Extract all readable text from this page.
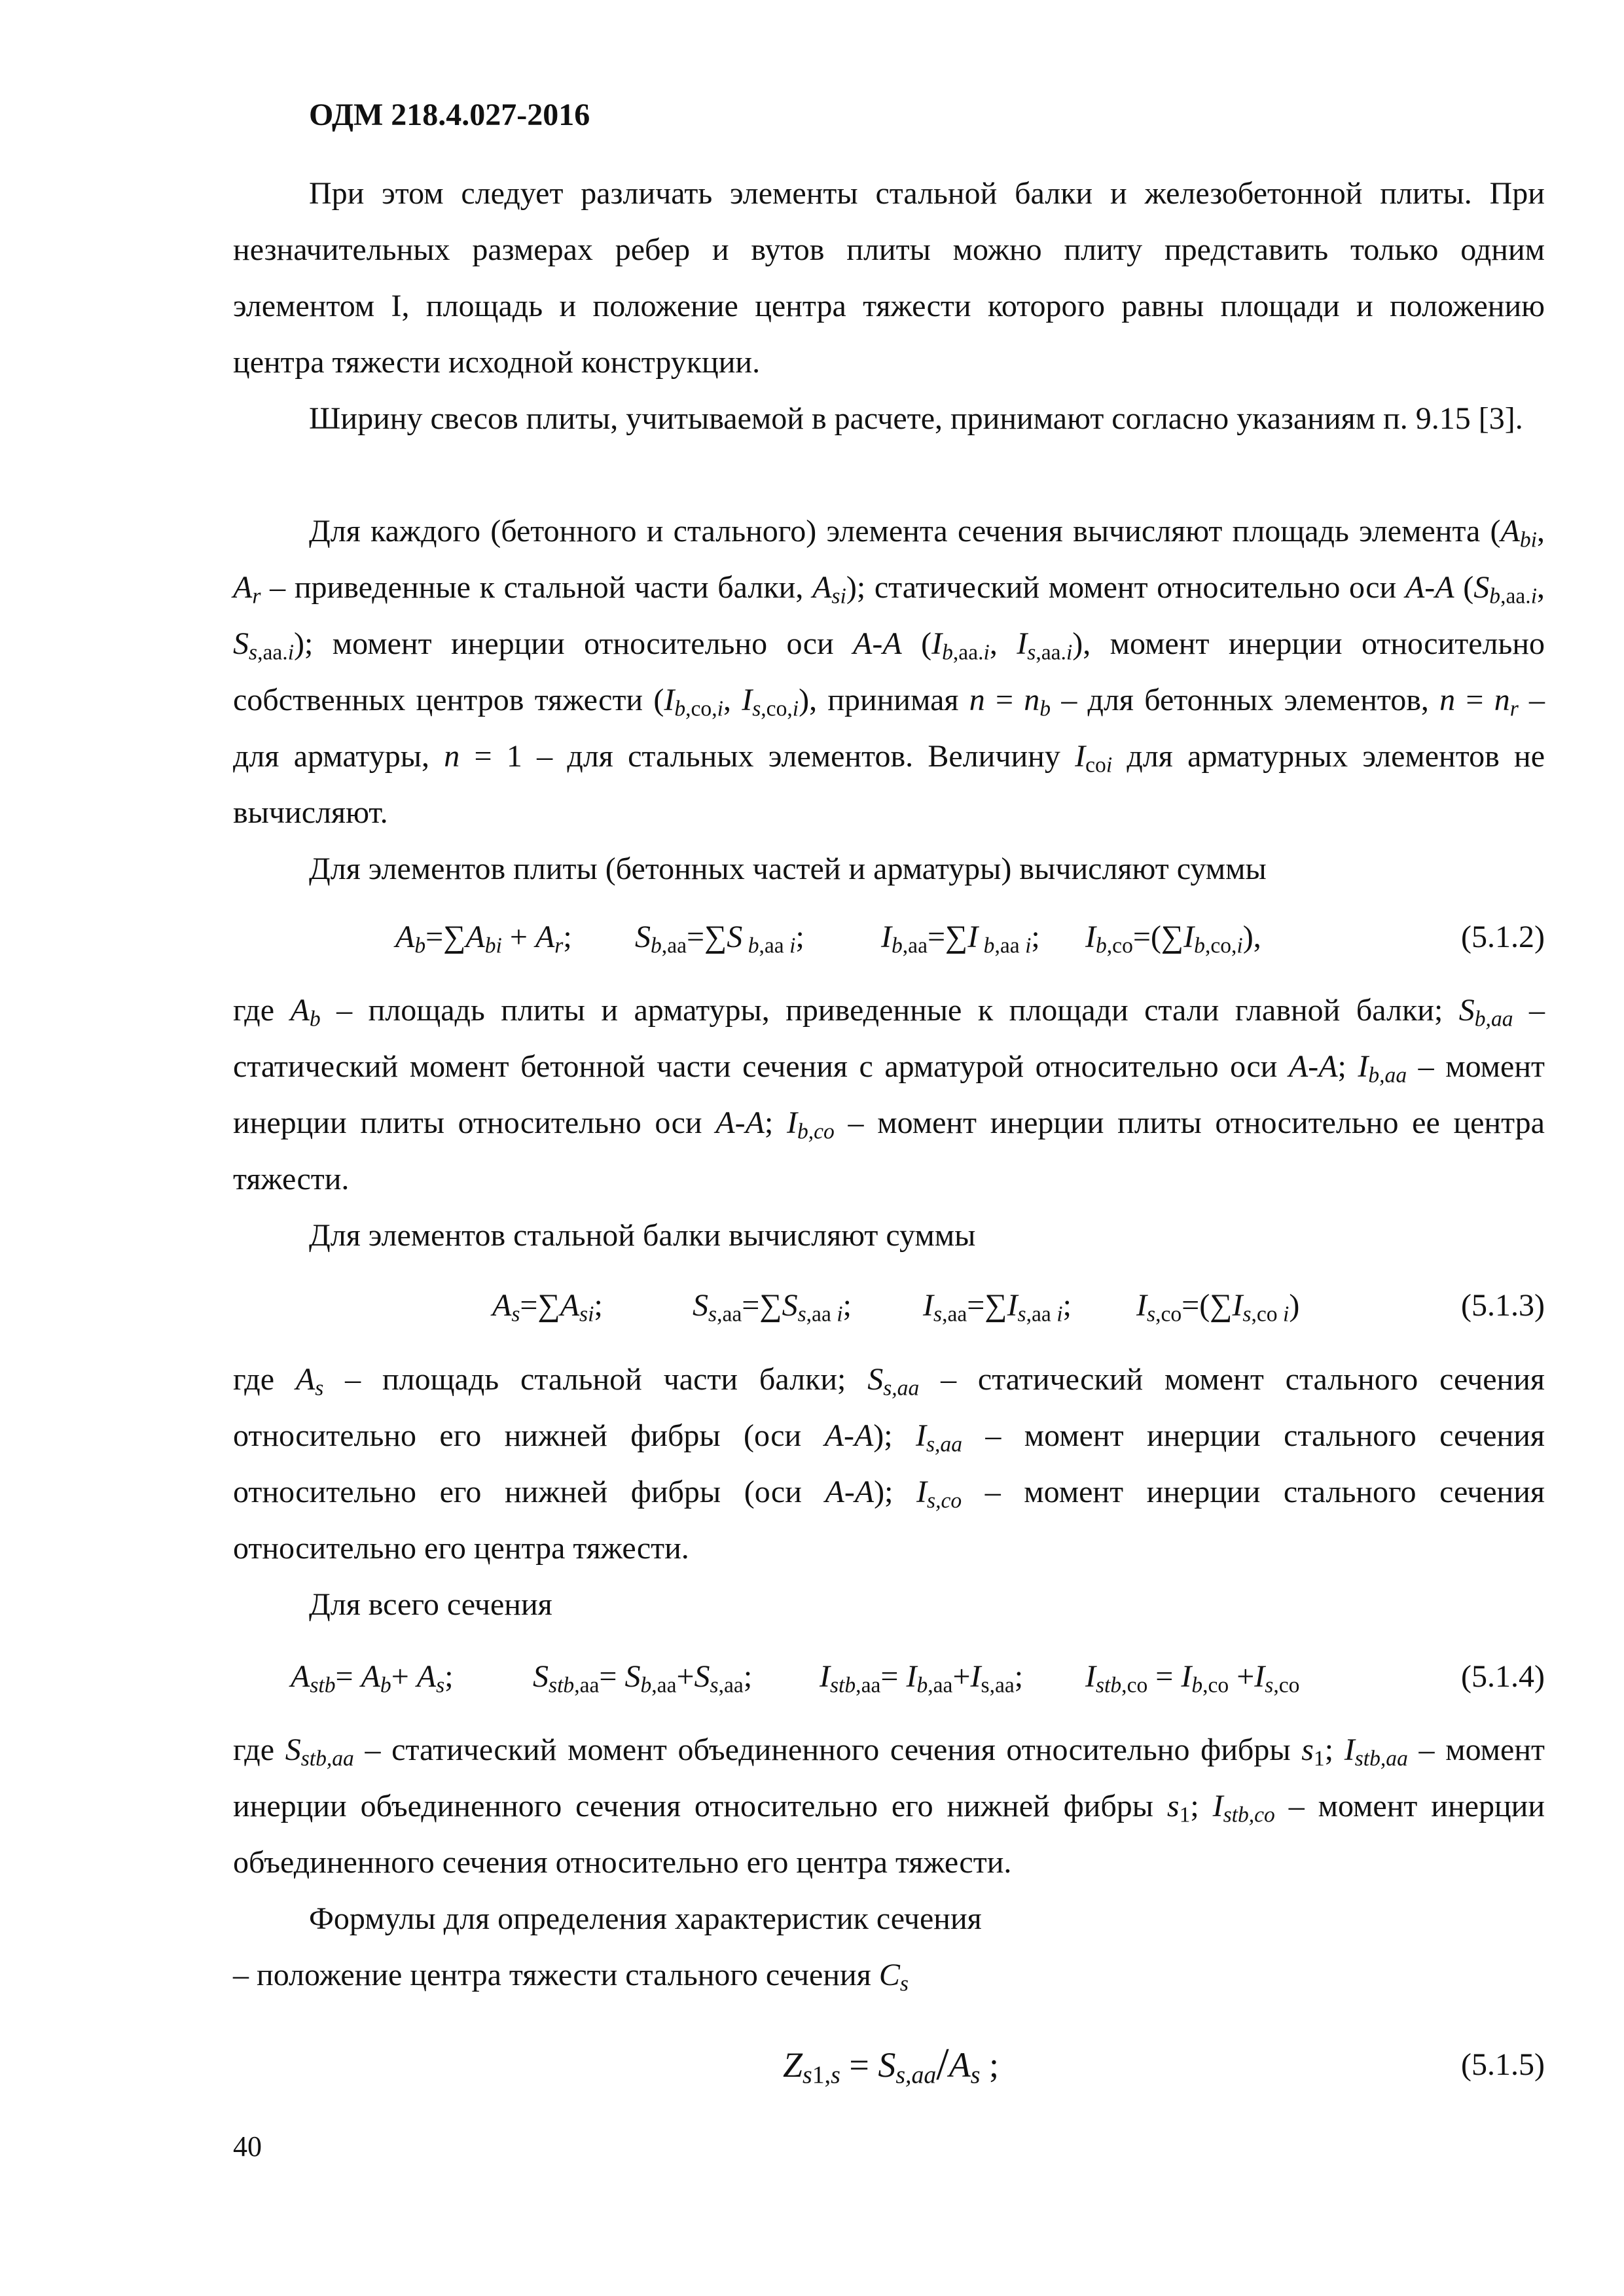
ОДМ 218.4.027-2016

При этом следует различать элементы стальной балки и железобетонной плиты. При незначительных размерах ребер и вутов плиты можно плиту представить только одним элементом I, площадь и положение центра тяжести которого равны площади и положению центра тяжести исходной конструкции.

Ширину свесов плиты, учитываемой в расчете, принимают согласно указаниям п. 9.15 [3].

Для каждого (бетонного и стального) элемента сечения вычисляют площадь элемента ($A_{bi}$, $A_r$ – приведенные к стальной части балки, $A_{si}$); статический момент относительно оси A-A ($S_{b,aa.i}$, $S_{s,aa.i}$); момент инерции относительно оси A-A ($I_{b,aa.i}$, $I_{s,aa.i}$), момент инерции относительно собственных центров тяжести ($I_{b,co,i}$, $I_{s,co,i}$), принимая $n = n_b$ – для бетонных элементов, $n = n_r$ – для арматуры, n = 1 – для стальных элементов. Величину $I_{coi}$ для арматурных элементов не вычисляют.

Для элементов плиты (бетонных частей и арматуры) вычисляют суммы

$A_b=\sum A_{bi} + A_r$; $S_{b,aa}=\sum S$ $_{b,aa i}$; $I_{b,aa}=\sum I$ $_{b,aa i}$; $I_{b,co}=(\sum I_{b,co,i})$,	(5.1.2)

где $A_b$ – площадь плиты и арматуры, приведенные к площади стали главной балки; $S_{b,aa}$ – статический момент бетонной части сечения с арматурой относительно оси A-A; $I_{b,aa}$ – момент инерции плиты относительно оси A-A; $I_{b,co}$ – момент инерции плиты относительно ее центра тяжести.

Для элементов стальной балки вычисляют суммы

$A_s=\sum A_{si}$;	$S_{s,aa}=\sum S_{s,aa i}$; $I_{s,aa}=\sum I_{s,aa i}$; $I_{s,co}=(\sum I_{s,co i})$	(5.1.3)

где $A_s$ – площадь стальной части балки; $S_{s,aa}$ – статический момент стального сечения относительно его нижней фибры (оси A-A); $I_{s,aa}$ – момент инерции стального сечения относительно его нижней фибры (оси A-A); $I_{s,co}$ – момент инерции стального сечения относительно его центра тяжести.

Для всего сечения

$A_{stb}= A_b+ A_s$;	$S_{stb,aa}= S_{b,aa}+S_{s,aa}$; $I_{stb,aa}= I_{b,aa}+I_{s,aa}$; $I_{stb,co} = I_{b,co} +I_{s,co}$	(5.1.4)

где $S_{stb,aa}$ – статический момент объединенного сечения относительно фибры $s_1$; $I_{stb,aa}$ – момент инерции объединенного сечения относительно его нижней фибры $s_1$; $I_{stb,co}$ – момент инерции объединенного сечения относительно его центра тяжести.

Формулы для определения характеристик сечения

– положение центра тяжести стального сечения $C_s$

$Z_{s1,s} = S_{s,aa}/A_s$ ;	(5.1.5)

40
